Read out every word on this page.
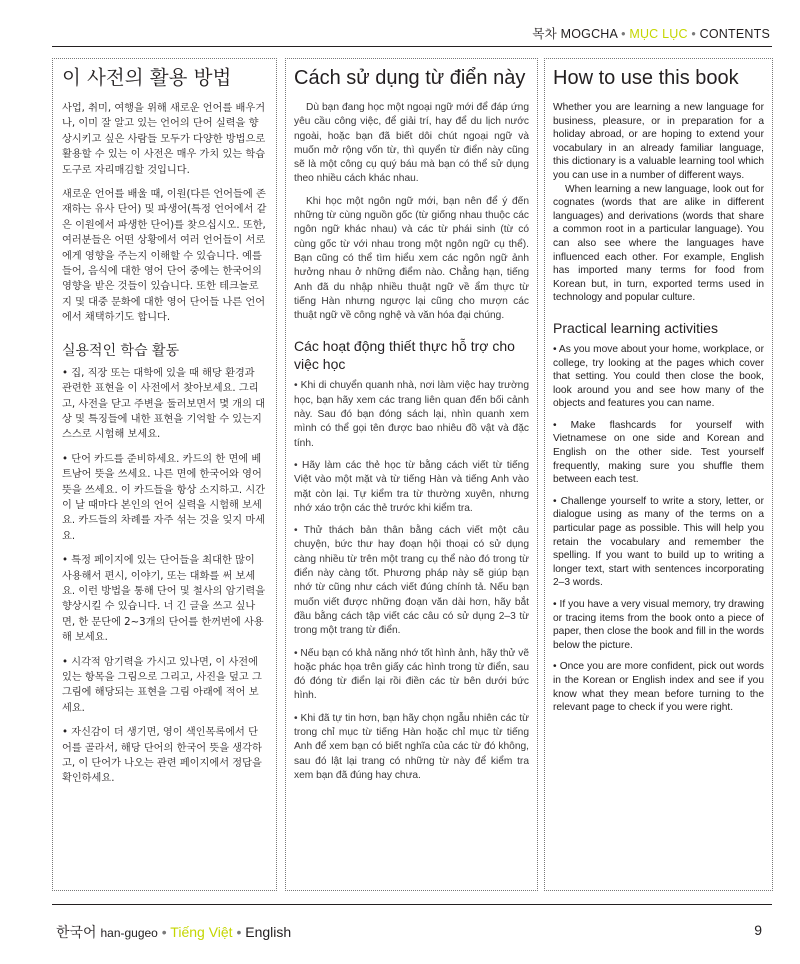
목차 MOGCHA • MỤC LỤC • CONTENTS
이 사전의 활용 방법

사업, 취미, 여행을 위해 새로운 언어를 배우거나, 이미 잘 알고 있는 언어의 단어 실력을 향상시키고 싶은 사람들 모두가 다양한 방법으로 활용할 수 있는 이 사전은 매우 가치 있는 학습 도구로 자리매김할 것입니다.

새로운 언어를 배울 때, 이원(다른 언어들에 존재하는 유사 단어) 및 파생어(특정 언어에서 같은 이원에서 파생한 단어)를 찾으십시오. 또한, 여러분들은 어떤 상황에서 여러 언어들이 서로에게 영향을 주는지 이해할 수 있습니다. 예를 들어, 음식에 대한 영어 단어 중에는 한국어의 영향을 받은 것들이 있습니다. 또한 테크놀로지 및 대중 문화에 대한 영어 단어들 나른 언어에서 채택하기도 합니다.

실용적인 학습 활동

• 집, 직장 또는 대학에 있을 때 해당 환경과 관련한 표현을 이 사전에서 찾아보세요. 그리고, 사전을 닫고 주변을 둘러보면서 몇 개의 대상 및 특징들에 내한 표현을 기억할 수 있는지 스스로 시험해 보세요.

• 단어 카드를 준비하세요. 카드의 한 면에 베트남어 뜻을 쓰세요. 나른 면에 한국어와 영어 뜻을 쓰세요. 이 카드들을 항상 소지하고. 시간이 날 때마다 본인의 언어 실력을 시험해 보세요. 카드들의 차례를 자주 섞는 것을 잊지 마세요.

• 특정 페이지에 있는 단어들을 최대한 많이 사용해서 편시, 이야기, 또는 대화를 써 보세요. 이런 방법을 통해 단어 및 철사의 암기력을 향상시킬 수 있습니다. 너 긴 글을 쓰고 싶나면, 한 문단에 2~3개의 단어를 한꺼번에 사용해 보세요.

• 시각적 암기력을 가시고 있나면, 이 사전에 있는 항목을 그림으로 그리고, 사진을 덮고 그 그림에 해당되는 표현을 그림 아래에 적어 보세요.

• 자신감이 더 생기면, 영이 색인목록에서 단어를 골라서, 해당 단어의 한국어 뜻을 생각하고, 이 단어가 나오는 관련 페이지에서 정답을 확인하세요.

Cách sử dụng từ điển này

Dù bạn đang học một ngoại ngữ mới để đáp ứng yêu cầu công việc, để giải trí, hay để du lịch nước ngoài, hoặc bạn đã biết dôi chút ngoại ngữ và muốn mở rộng vốn từ, thì quyển từ điển này cũng sẽ là một công cụ quý báu mà bạn có thể sử dụng theo nhiều cách khác nhau.

Khi học một ngôn ngữ mới, bạn nên để ý đến những từ cùng nguồn gốc (từ giống nhau thuộc các ngôn ngữ khác nhau) và các từ phái sinh (từ có cùng gốc từ với nhau trong một ngôn ngữ cụ thể). Bạn cũng có thể tìm hiểu xem các ngôn ngữ ảnh hưởng nhau ở những điểm nào. Chẳng hạn, tiếng Anh đã du nhập nhiều thuật ngữ về ẩm thực từ tiếng Hàn nhưng ngược lại cũng cho mượn các thuật ngữ về công nghệ và văn hóa đại chúng.

Các hoạt động thiết thực hỗ trợ cho việc học

• Khi di chuyển quanh nhà, nơi làm việc hay trường học, bạn hãy xem các trang liên quan đến bối cảnh này. Sau đó bạn đóng sách lại, nhìn quanh xem mình có thể gọi tên được bao nhiêu đồ vật và đặc tính.

• Hãy làm các thẻ học từ bằng cách viết từ tiếng Việt vào một mặt và từ tiếng Hàn và tiếng Anh vào mặt còn lại. Tự kiểm tra từ thường xuyên, nhưng nhớ xáo trộn các thẻ trước khi kiểm tra.

• Thử thách bản thân bằng cách viết một câu chuyện, bức thư hay đoạn hội thoại có sử dụng càng nhiều từ trên một trang cụ thể nào đó trong từ điển này càng tốt. Phương pháp này sẽ giúp bạn nhớ từ cũng như cách viết đúng chính tả. Nếu bạn muốn viết được những đoạn văn dài hơn, hãy bắt đầu bằng cách tập viết các câu có sử dụng 2–3 từ trong một trang từ điển.

• Nếu bạn có khả năng nhớ tốt hình ảnh, hãy thử vẽ hoặc phác họa trên giấy các hình trong từ điển, sau đó đóng từ điển lại rồi điền các từ bên dưới bức hình.

• Khi đã tự tin hơn, bạn hãy chọn ngẫu nhiên các từ trong chỉ mục từ tiếng Hàn hoặc chỉ mục từ tiếng Anh để xem bạn có biết nghĩa của các từ đó không, sau đó lật lại trang có những từ này để kiểm tra xem bạn đã đúng hay chưa.

How to use this book

Whether you are learning a new language for business, pleasure, or in preparation for a holiday abroad, or are hoping to extend your vocabulary in an already familiar language, this dictionary is a valuable learning tool which you can use in a number of different ways.

When learning a new language, look out for cognates (words that are alike in different languages) and derivations (words that share a common root in a particular language). You can also see where the languages have influenced each other. For example, English has imported many terms for food from Korean but, in turn, exported terms used in technology and popular culture.

Practical learning activities

• As you move about your home, workplace, or college, try looking at the pages which cover that setting. You could then close the book, look around you and see how many of the objects and features you can name.

• Make flashcards for yourself with Vietnamese on one side and Korean and English on the other side. Test yourself frequently, making sure you shuffle them between each test.

• Challenge yourself to write a story, letter, or dialogue using as many of the terms on a particular page as possible. This will help you retain the vocabulary and remember the spelling. If you want to build up to writing a longer text, start with sentences incorporating 2–3 words.

• If you have a very visual memory, try drawing or tracing items from the book onto a piece of paper, then close the book and fill in the words below the picture.

• Once you are more confident, pick out words in the Korean or English index and see if you know what they mean before turning to the relevant page to check if you were right.

한국어 han-gugeo • Tiếng Việt • English	9
